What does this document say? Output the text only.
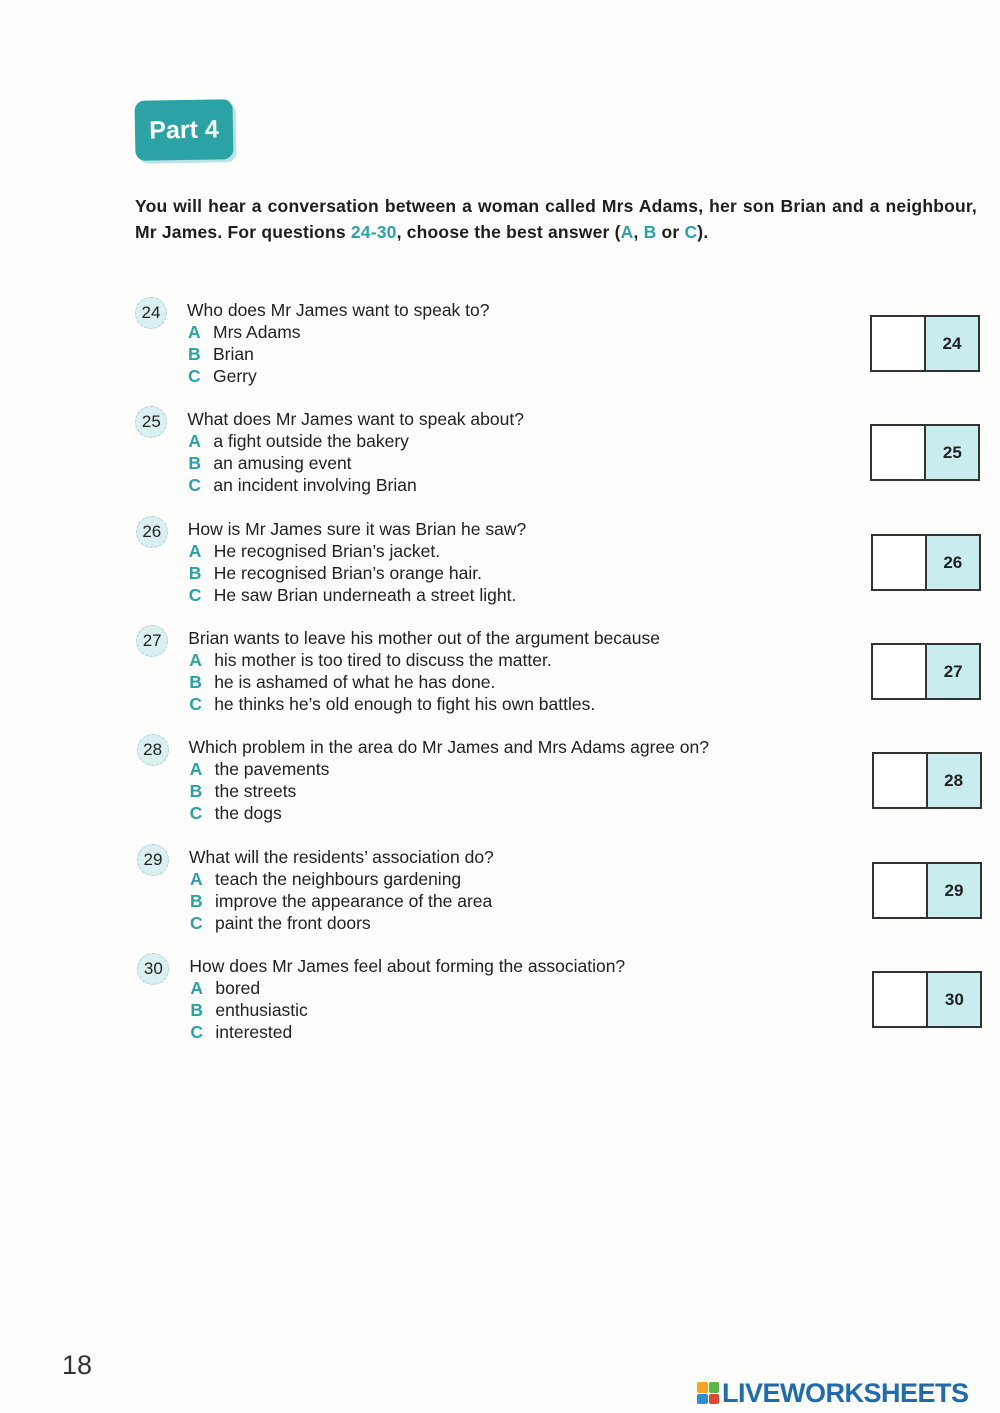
Part 4
You will hear a conversation between a woman called Mrs Adams, her son Brian and a neighbour, Mr James. For questions 24-30, choose the best answer (A, B or C).
24	Who does Mr James want to speak to?
A Mrs Adams
B Brian
C Gerry
24
25	What does Mr James want to speak about?
A a fight outside the bakery
B an amusing event
C an incident involving Brian
25
26	How is Mr James sure it was Brian he saw?
A He recognised Brian’s jacket.
B He recognised Brian’s orange hair.
C He saw Brian underneath a street light.
26
27	Brian wants to leave his mother out of the argument because
A his mother is too tired to discuss the matter.
B he is ashamed of what he has done.
C he thinks he’s old enough to fight his own battles.
27
28	Which problem in the area do Mr James and Mrs Adams agree on?
A the pavements
B the streets
C the dogs
28
29	What will the residents’ association do?
A teach the neighbours gardening
B improve the appearance of the area
C paint the front doors
29
30	How does Mr James feel about forming the association?
A bored
B enthusiastic
C interested
30
18
LIVEWORKSHEETS
